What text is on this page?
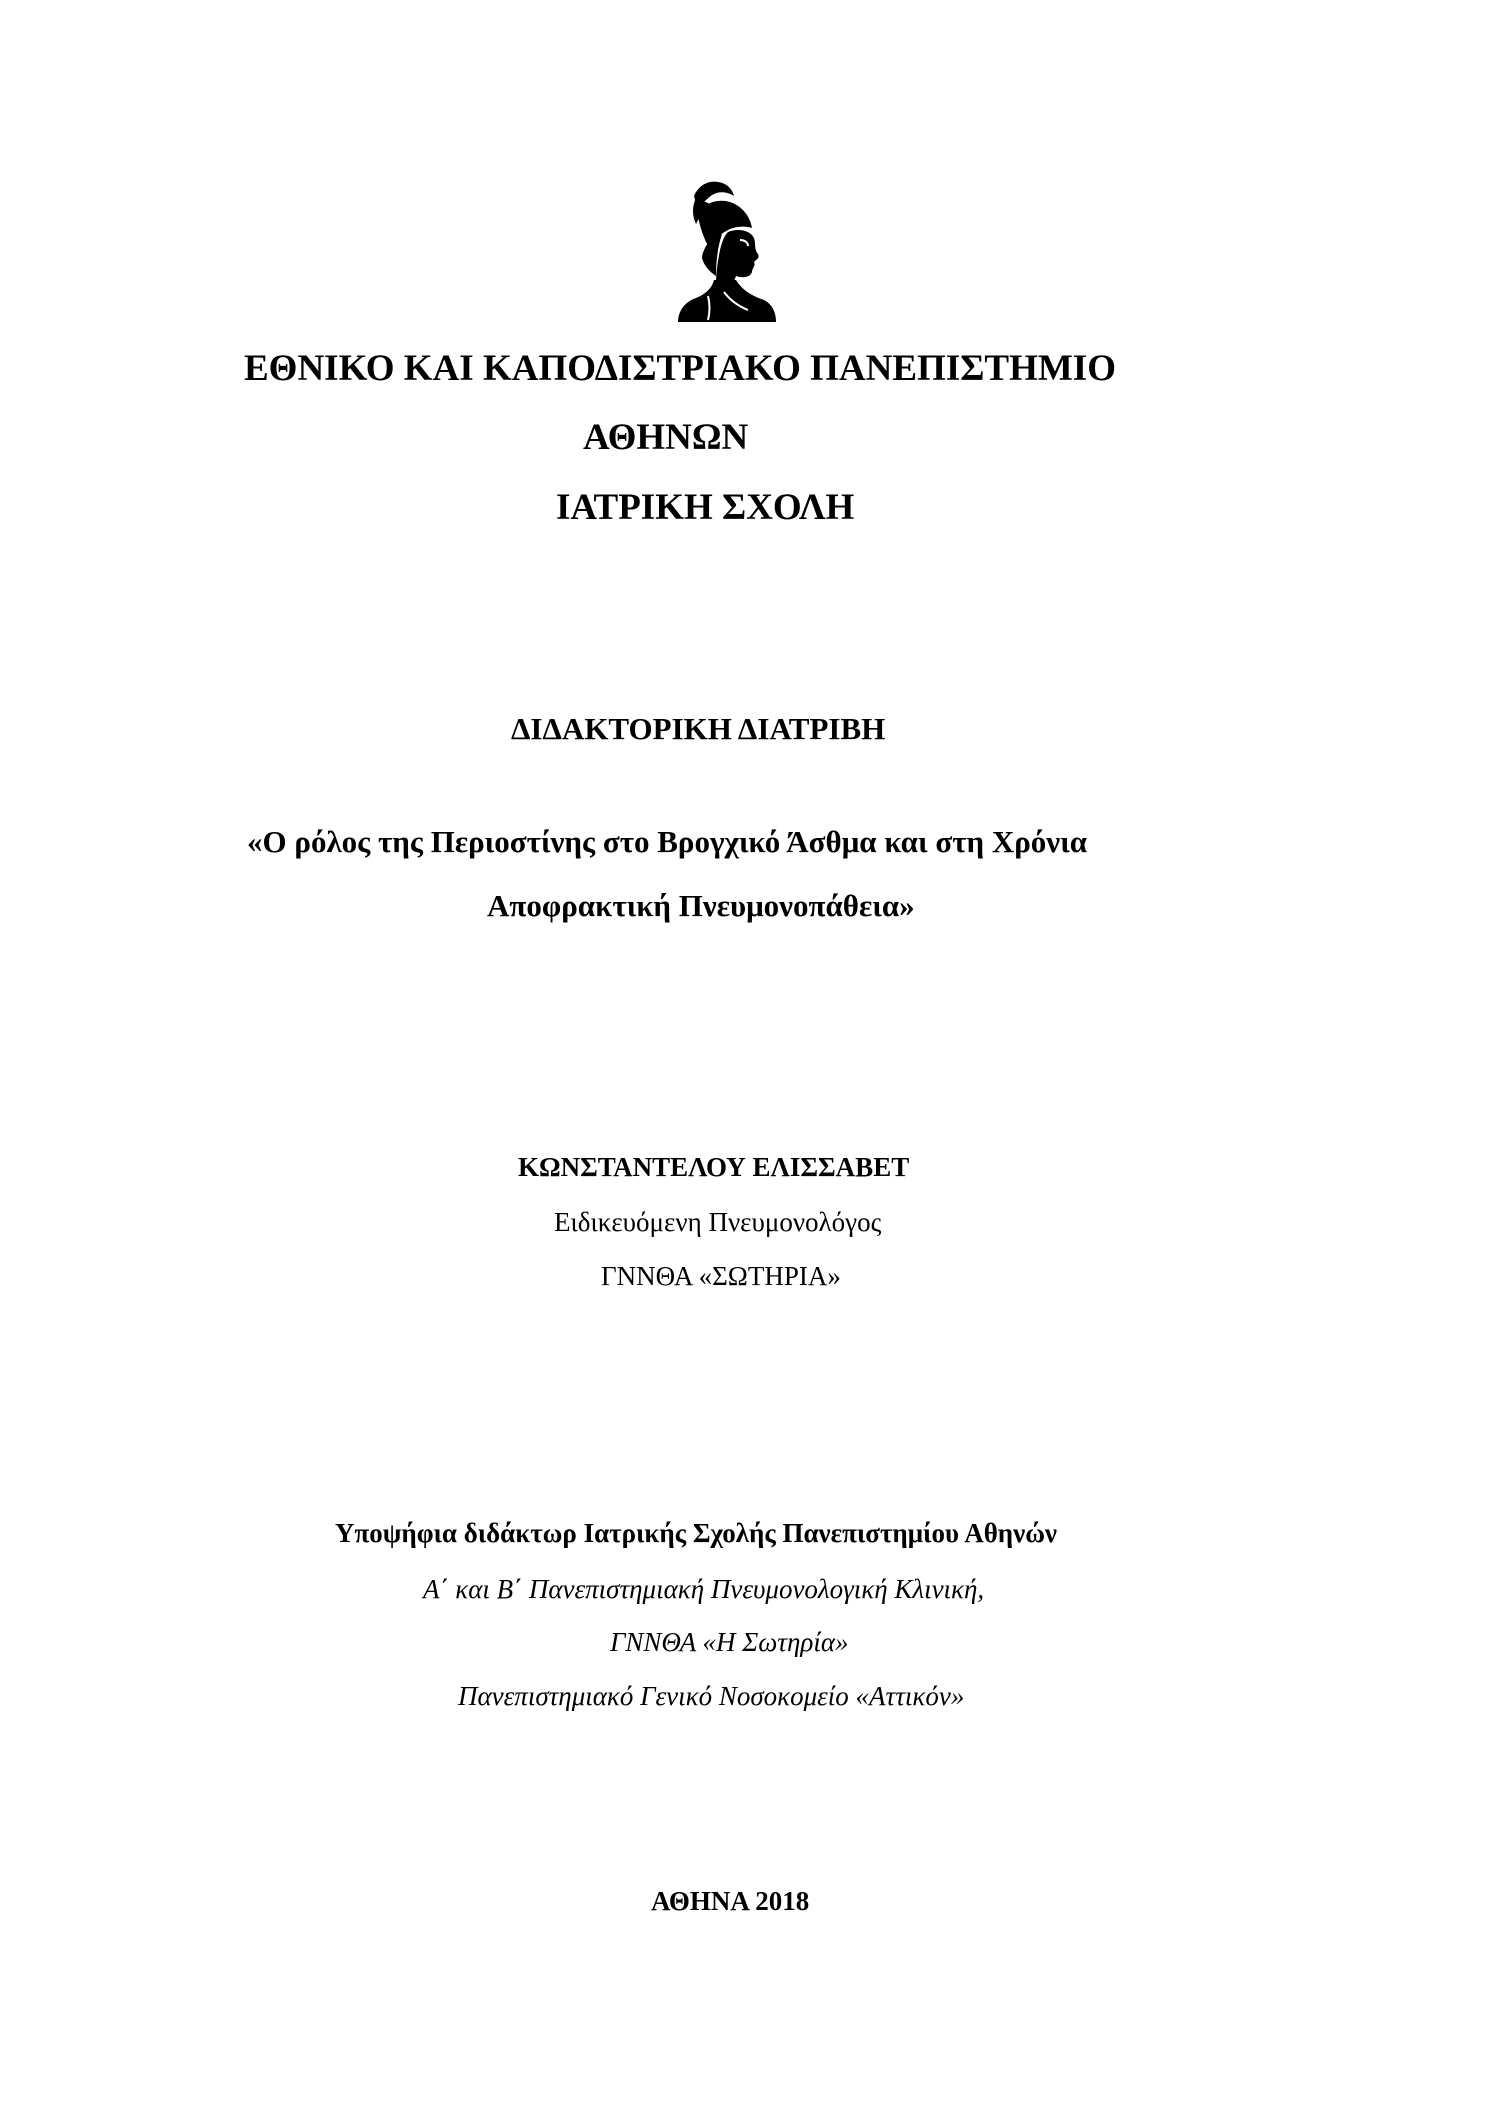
ΕΘΝΙΚΟ ΚΑΙ ΚΑΠΟΔΙΣΤΡΙΑΚΟ ΠΑΝΕΠΙΣΤΗΜΙΟ
ΑΘΗΝΩΝ
ΙΑΤΡΙΚΗ ΣΧΟΛΗ
ΔΙΔΑΚΤΟΡΙΚΗ ΔΙΑΤΡΙΒΗ
«Ο ρόλος της Περιοστίνης στο Βρογχικό Άσθμα και στη Χρόνια
Αποφρακτική Πνευμονοπάθεια»
ΚΩΝΣΤΑΝΤΕΛΟΥ ΕΛΙΣΣΑΒΕΤ
Ειδικευόμενη Πνευμονολόγος
ΓΝΝΘΑ «ΣΩΤΗΡΙΑ»
Υποψήφια διδάκτωρ Ιατρικής Σχολής Πανεπιστημίου Αθηνών
Α΄ και Β΄ Πανεπιστημιακή Πνευμονολογική Κλινική,
ΓΝΝΘΑ «Η Σωτηρία»
Πανεπιστημιακό Γενικό Νοσοκομείο «Αττικόν»
ΑΘΗΝΑ 2018
